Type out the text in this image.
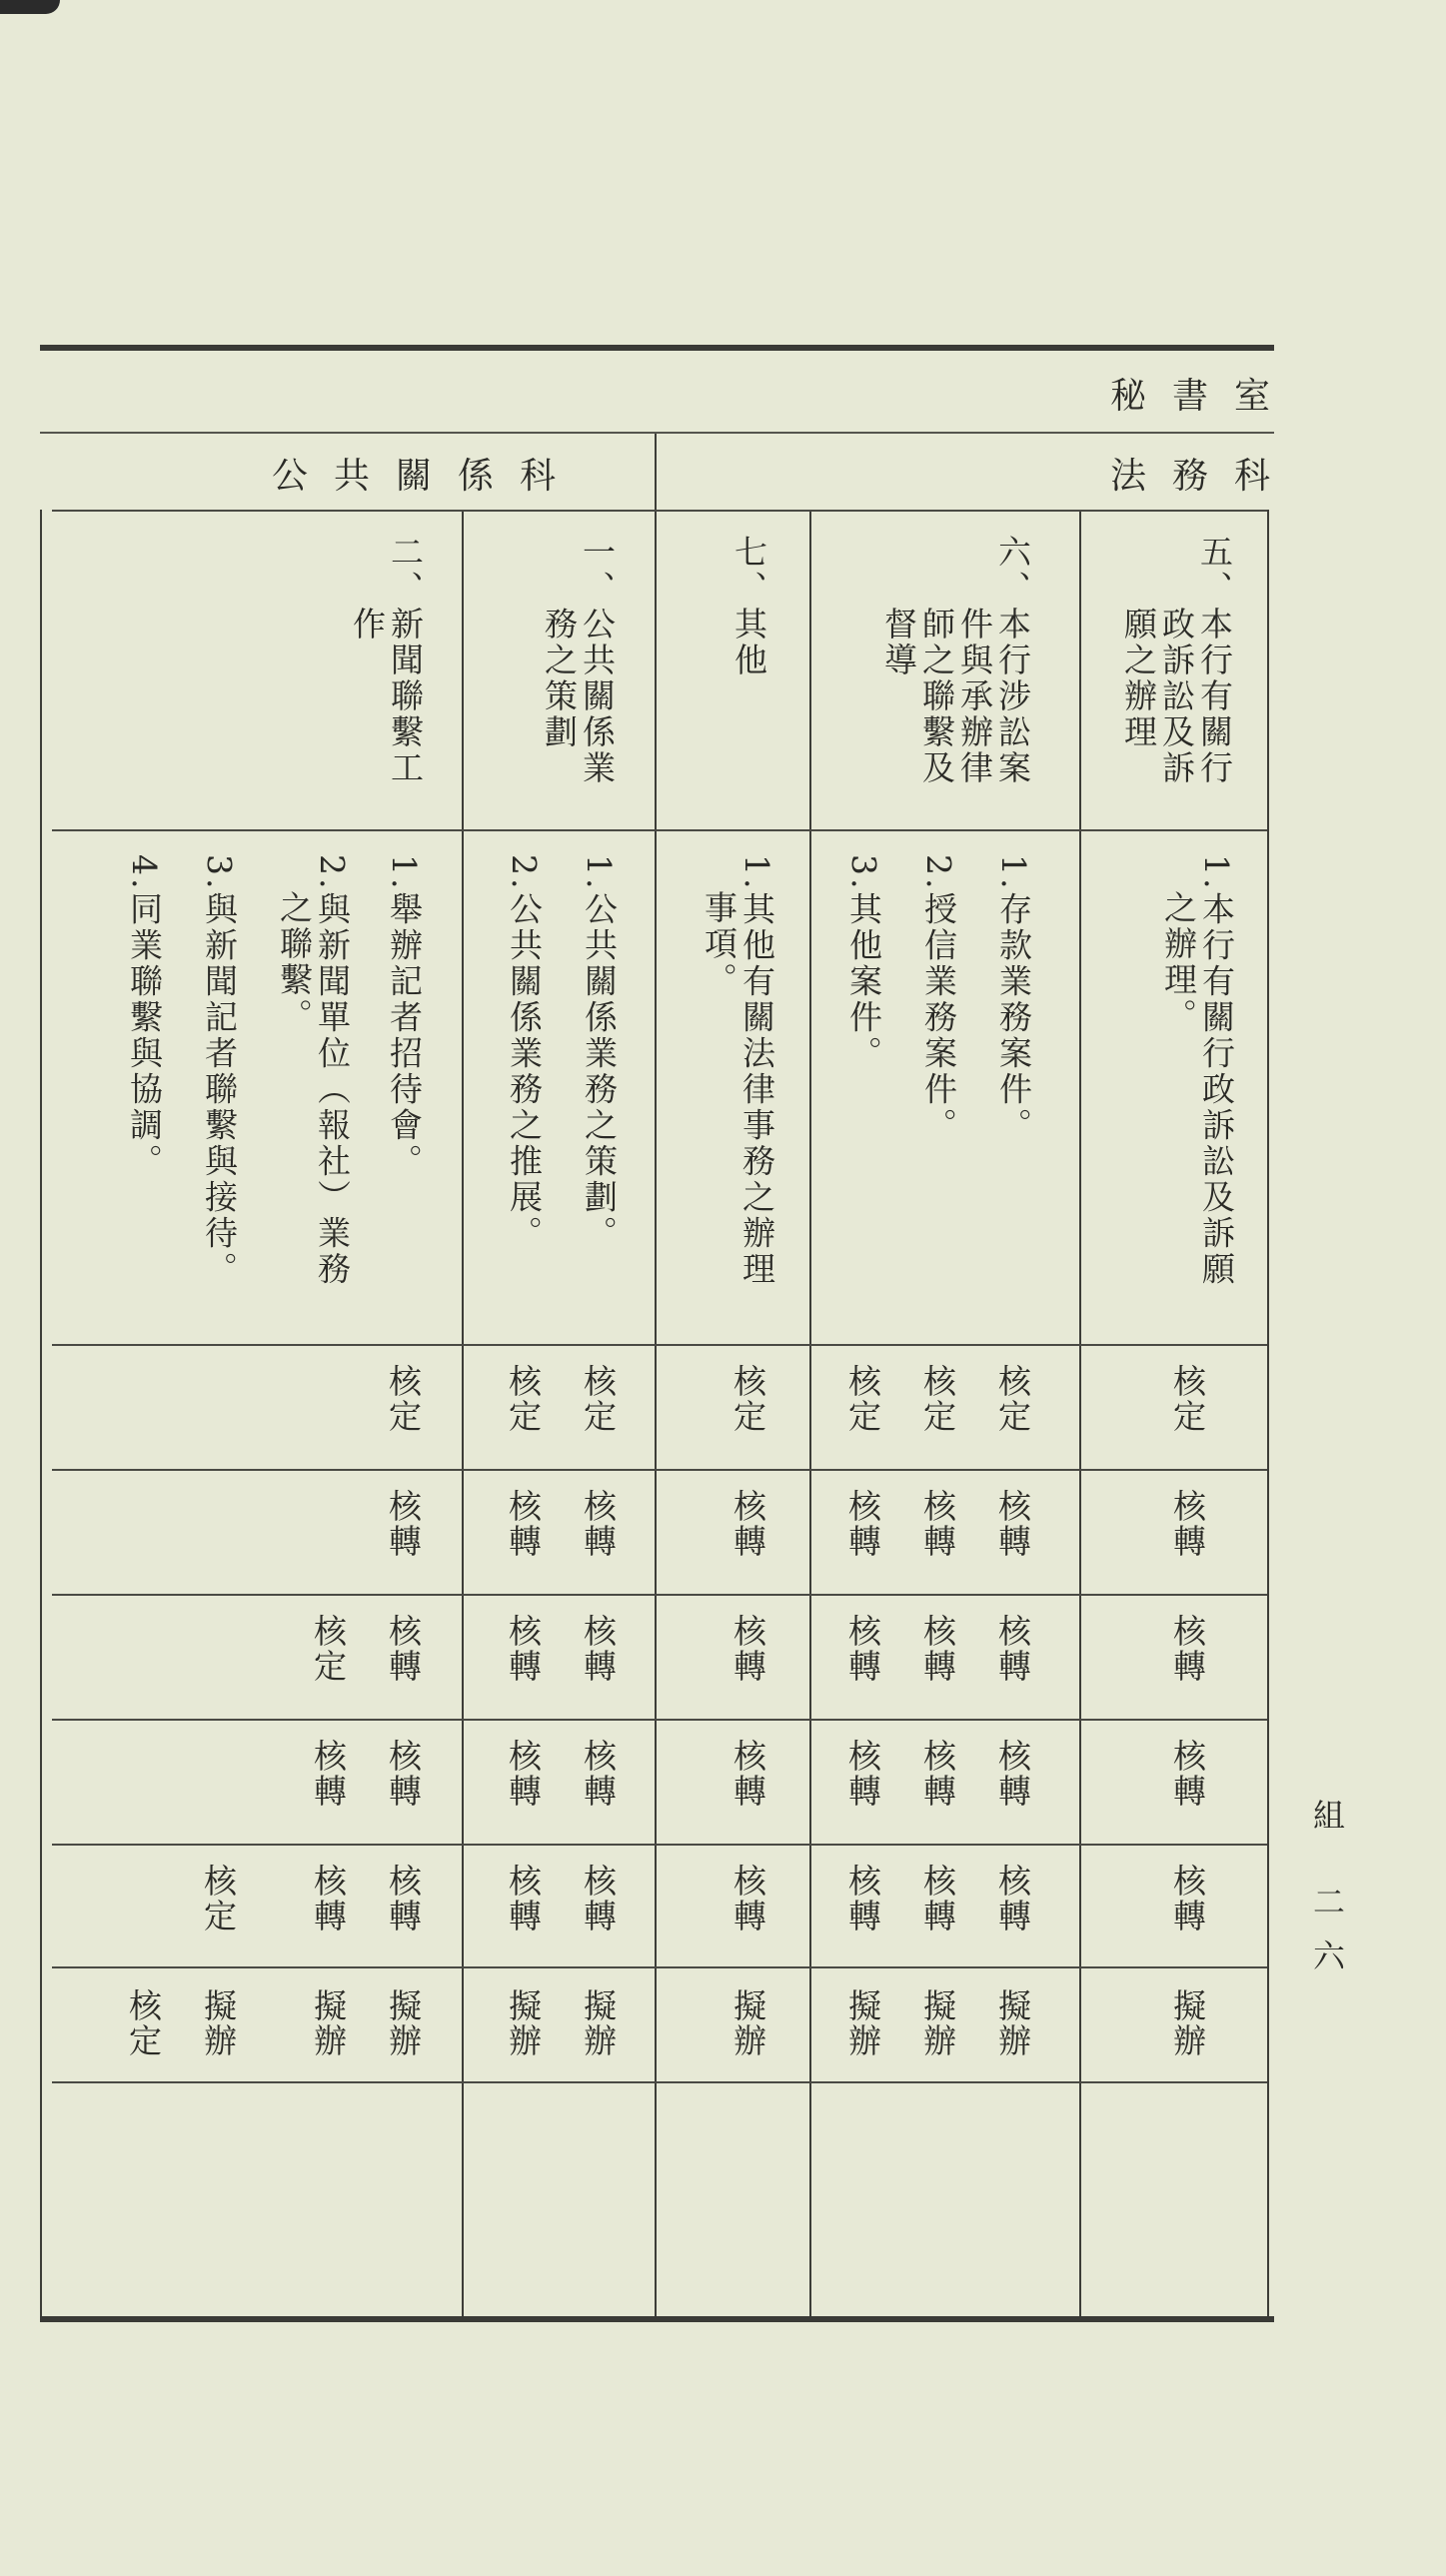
秘書室
法務科
公共關係科
五、本行有關行
　　政訴訟及訴
　　願之辦理
六、本行涉訟案
　　件與承辦律
　　師之聯繫及
　　督導
七、其他
一、公共關係業
　　務之策劃
二、新聞聯繫工
　　作
1.本行有關行政訴訟及訴願
　之辦理。
1.存款業務案件。
2.授信業務案件。
3.其他案件。
1.其他有關法律事務之辦理
　事項。
1.公共關係業務之策劃。
2.公共關係業務之推展。
1.舉辦記者招待會。
2.與新聞單位（報社）業務
　之聯繫。
3.與新聞記者聯繫與接待。
4.同業聯繫與協調。
核定
核轉
核轉
核轉
核轉
擬辦
核定
核轉
核轉
核轉
核轉
擬辦
核定
核轉
核轉
核轉
核轉
擬辦
核定
核轉
核轉
核轉
核轉
擬辦
核定
核轉
核轉
核轉
核轉
擬辦
核定
核轉
核轉
核轉
核轉
擬辦
核定
核轉
核轉
核轉
核轉
擬辦
核定
核轉
核轉
核轉
核轉
擬辦
核定
核轉
核轉
擬辦
核定
擬辦
核定
組 二六
